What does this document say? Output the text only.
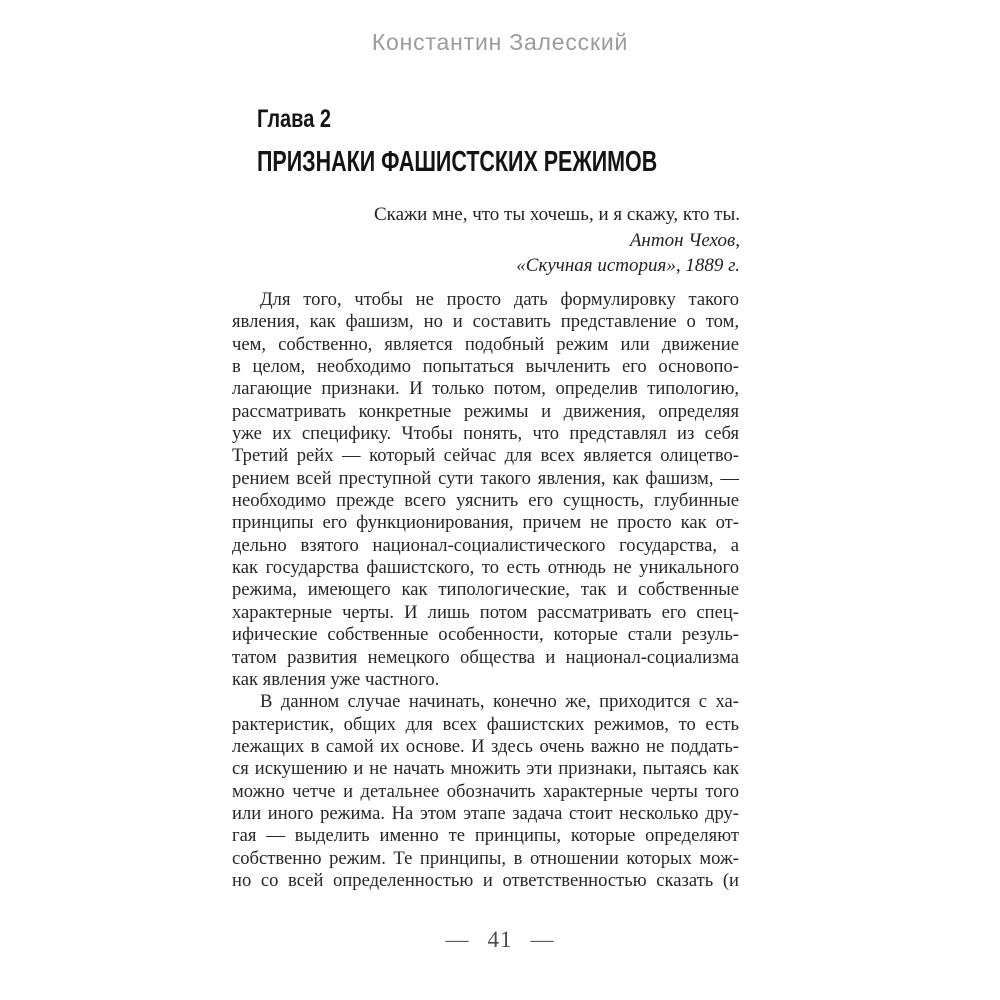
Константин Залесский
Глава 2
ПРИЗНАКИ ФАШИСТСКИХ РЕЖИМОВ
Скажи мне, что ты хочешь, и я скажу, кто ты.
Антон Чехов,
«Скучная история», 1889 г.
Для того, чтобы не просто дать формулировку такого
явления, как фашизм, но и составить представление о том,
чем, собственно, является подобный режим или движение
в целом, необходимо попытаться вычленить его основопо-
лагающие признаки. И только потом, определив типологию,
рассматривать конкретные режимы и движения, определяя
уже их специфику. Чтобы понять, что представлял из себя
Третий рейх — который сейчас для всех является олицетво-
рением всей преступной сути такого явления, как фашизм, —
необходимо прежде всего уяснить его сущность, глубинные
принципы его функционирования, причем не просто как от-
дельно взятого национал-социалистического государства, а
как государства фашистского, то есть отнюдь не уникального
режима, имеющего как типологические, так и собственные
характерные черты. И лишь потом рассматривать его спец-
ифические собственные особенности, которые стали резуль-
татом развития немецкого общества и национал-социализма
как явления уже частного.
В данном случае начинать, конечно же, приходится с ха-
рактеристик, общих для всех фашистских режимов, то есть
лежащих в самой их основе. И здесь очень важно не поддать-
ся искушению и не начать множить эти признаки, пытаясь как
можно четче и детальнее обозначить характерные черты того
или иного режима. На этом этапе задача стоит несколько дру-
гая — выделить именно те принципы, которые определяют
собственно режим. Те принципы, в отношении которых мож-
но со всей определенностью и ответственностью сказать (и
— 41 —
